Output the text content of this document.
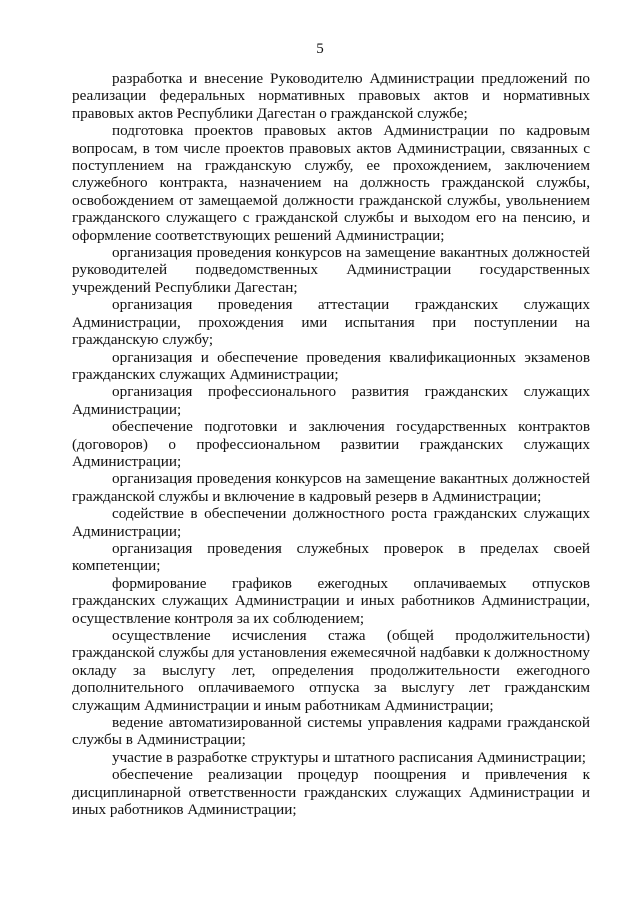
5

разработка и внесение Руководителю Администрации предложений по реализации федеральных нормативных правовых актов и нормативных правовых актов Республики Дагестан о гражданской службе;

подготовка проектов правовых актов Администрации по кадровым вопросам, в том числе проектов правовых актов Администрации, связанных с поступлением на гражданскую службу, ее прохождением, заключением служебного контракта, назначением на должность гражданской службы, освобождением от замещаемой должности гражданской службы, увольнением гражданского служащего с гражданской службы и выходом его на пенсию, и оформление соответствующих решений Администрации;

организация проведения конкурсов на замещение вакантных должностей руководителей подведомственных Администрации государственных учреждений Республики Дагестан;

организация проведения аттестации гражданских служащих Администрации, прохождения ими испытания при поступлении на гражданскую службу;

организация и обеспечение проведения квалификационных экзаменов гражданских служащих Администрации;

организация профессионального развития гражданских служащих Администрации;

обеспечение подготовки и заключения государственных контрактов (договоров) о профессиональном развитии гражданских служащих Администрации;

организация проведения конкурсов на замещение вакантных должностей гражданской службы и включение в кадровый резерв в Администрации;

содействие в обеспечении должностного роста гражданских служащих Администрации;

организация проведения служебных проверок в пределах своей компетенции;

формирование графиков ежегодных оплачиваемых отпусков гражданских служащих Администрации и иных работников Администрации, осуществление контроля за их соблюдением;

осуществление исчисления стажа (общей продолжительности) гражданской службы для установления ежемесячной надбавки к должностному окладу за выслугу лет, определения продолжительности ежегодного дополнительного оплачиваемого отпуска за выслугу лет гражданским служащим Администрации и иным работникам Администрации;

ведение автоматизированной системы управления кадрами гражданской службы в Администрации;

участие в разработке структуры и штатного расписания Администрации;

обеспечение реализации процедур поощрения и привлечения к дисциплинарной ответственности гражданских служащих Администрации и иных работников Администрации;
